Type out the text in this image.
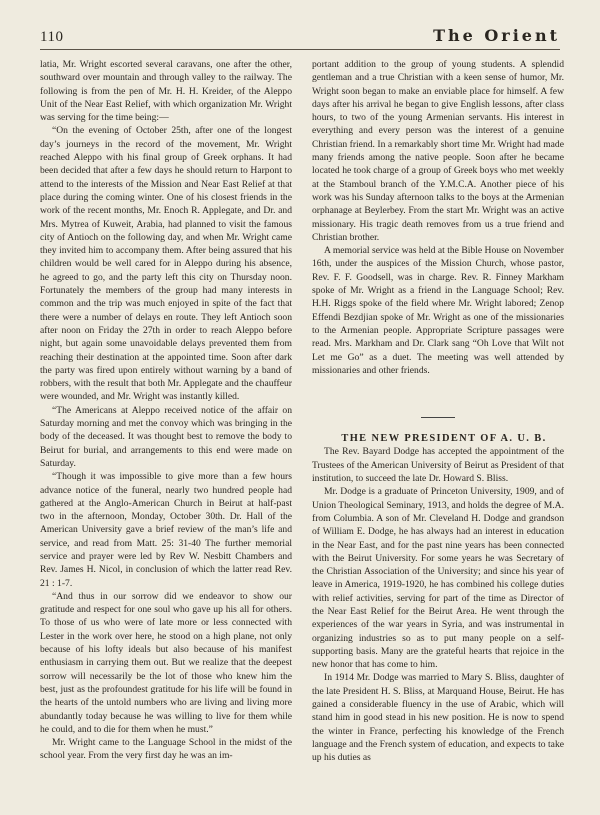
110	The Orient

latia, Mr. Wright escorted several caravans, one after the other, southward over mountain and through valley to the railway. The following is from the pen of Mr. H. H. Kreider, of the Aleppo Unit of the Near East Relief, with which organization Mr. Wright was serving for the time being:—

“On the evening of October 25th, after one of the longest day’s journeys in the record of the movement, Mr. Wright reached Aleppo with his final group of Greek orphans. It had been decided that after a few days he should return to Harpont to attend to the interests of the Mission and Near East Relief at that place during the coming winter. One of his closest friends in the work of the recent months, Mr. Enoch R. Applegate, and Dr. and Mrs. Mytrea of Kuweit, Arabia, had planned to visit the famous city of Antioch on the following day, and when Mr. Wright came they invited him to accompany them. After being assured that his children would be well cared for in Aleppo during his absence, he agreed to go, and the party left this city on Thursday noon. Fortunately the members of the group had many interests in common and the trip was much enjoyed in spite of the fact that there were a number of delays en route. They left Antioch soon after noon on Friday the 27th in order to reach Aleppo before night, but again some unavoidable delays prevented them from reaching their destination at the appointed time. Soon after dark the party was fired upon entirely without warning by a band of robbers, with the result that both Mr. Applegate and the chauffeur were wounded, and Mr. Wright was instantly killed.

“The Americans at Aleppo received notice of the affair on Saturday morning and met the convoy which was bringing in the body of the deceased. It was thought best to remove the body to Beirut for burial, and arrangements to this end were made on Saturday.

“Though it was impossible to give more than a few hours advance notice of the funeral, nearly two hundred people had gathered at the Anglo-American Church in Beirut at half-past two in the afternoon, Monday, October 30th. Dr. Hall of the American University gave a brief review of the man’s life and service, and read from Matt. 25: 31-40 The further memorial service and prayer were led by Rev W. Nesbitt Chambers and Rev. James H. Nicol, in conclusion of which the latter read Rev. 21 : 1-7.

“And thus in our sorrow did we endeavor to show our gratitude and respect for one soul who gave up his all for others. To those of us who were of late more or less connected with Lester in the work over here, he stood on a high plane, not only because of his lofty ideals but also because of his manifest enthusiasm in carrying them out. But we realize that the deepest sorrow will necessarily be the lot of those who knew him the best, just as the profoundest gratitude for his life will be found in the hearts of the untold numbers who are living and living more abundantly today because he was willing to live for them while he could, and to die for them when he must.”

Mr. Wright came to the Language School in the midst of the school year. From the very first day he was an im-

portant addition to the group of young students. A splendid gentleman and a true Christian with a keen sense of humor, Mr. Wright soon began to make an enviable place for himself. A few days after his arrival he began to give English lessons, after class hours, to two of the young Armenian servants. His interest in everything and every person was the interest of a genuine Christian friend. In a remarkably short time Mr. Wright had made many friends among the native people. Soon after he became located he took charge of a group of Greek boys who met weekly at the Stamboul branch of the Y.M.C.A. Another piece of his work was his Sunday afternoon talks to the boys at the Armenian orphanage at Beylerbey. From the start Mr. Wright was an active missionary. His tragic death removes from us a true friend and Christian brother.

A memorial service was held at the Bible House on November 16th, under the auspices of the Mission Church, whose pastor, Rev. F. F. Goodsell, was in charge. Rev. R. Finney Markham spoke of Mr. Wright as a friend in the Language School; Rev. H.H. Riggs spoke of the field where Mr. Wright labored; Zenop Effendi Bezdjian spoke of Mr. Wright as one of the missionaries to the Armenian people. Appropriate Scripture passages were read. Mrs. Markham and Dr. Clark sang “Oh Love that Wilt not Let me Go” as a duet. The meeting was well attended by missionaries and other friends.

THE NEW PRESIDENT OF A. U. B.

The Rev. Bayard Dodge has accepted the appointment of the Trustees of the American University of Beirut as President of that institution, to succeed the late Dr. Howard S. Bliss.

Mr. Dodge is a graduate of Princeton University, 1909, and of Union Theological Seminary, 1913, and holds the degree of M.A. from Columbia. A son of Mr. Cleveland H. Dodge and grandson of William E. Dodge, he has always had an interest in education in the Near East, and for the past nine years has been connected with the Beirut University. For some years he was Secretary of the Christian Association of the University; and since his year of leave in America, 1919-1920, he has combined his college duties with relief activities, serving for part of the time as Director of the Near East Relief for the Beirut Area. He went through the experiences of the war years in Syria, and was instrumental in organizing industries so as to put many people on a self-supporting basis. Many are the grateful hearts that rejoice in the new honor that has come to him.

In 1914 Mr. Dodge was married to Mary S. Bliss, daughter of the late President H. S. Bliss, at Marquand House, Beirut. He has gained a considerable fluency in the use of Arabic, which will stand him in good stead in his new position. He is now to spend the winter in France, perfecting his knowledge of the French language and the French system of education, and expects to take up his duties as
